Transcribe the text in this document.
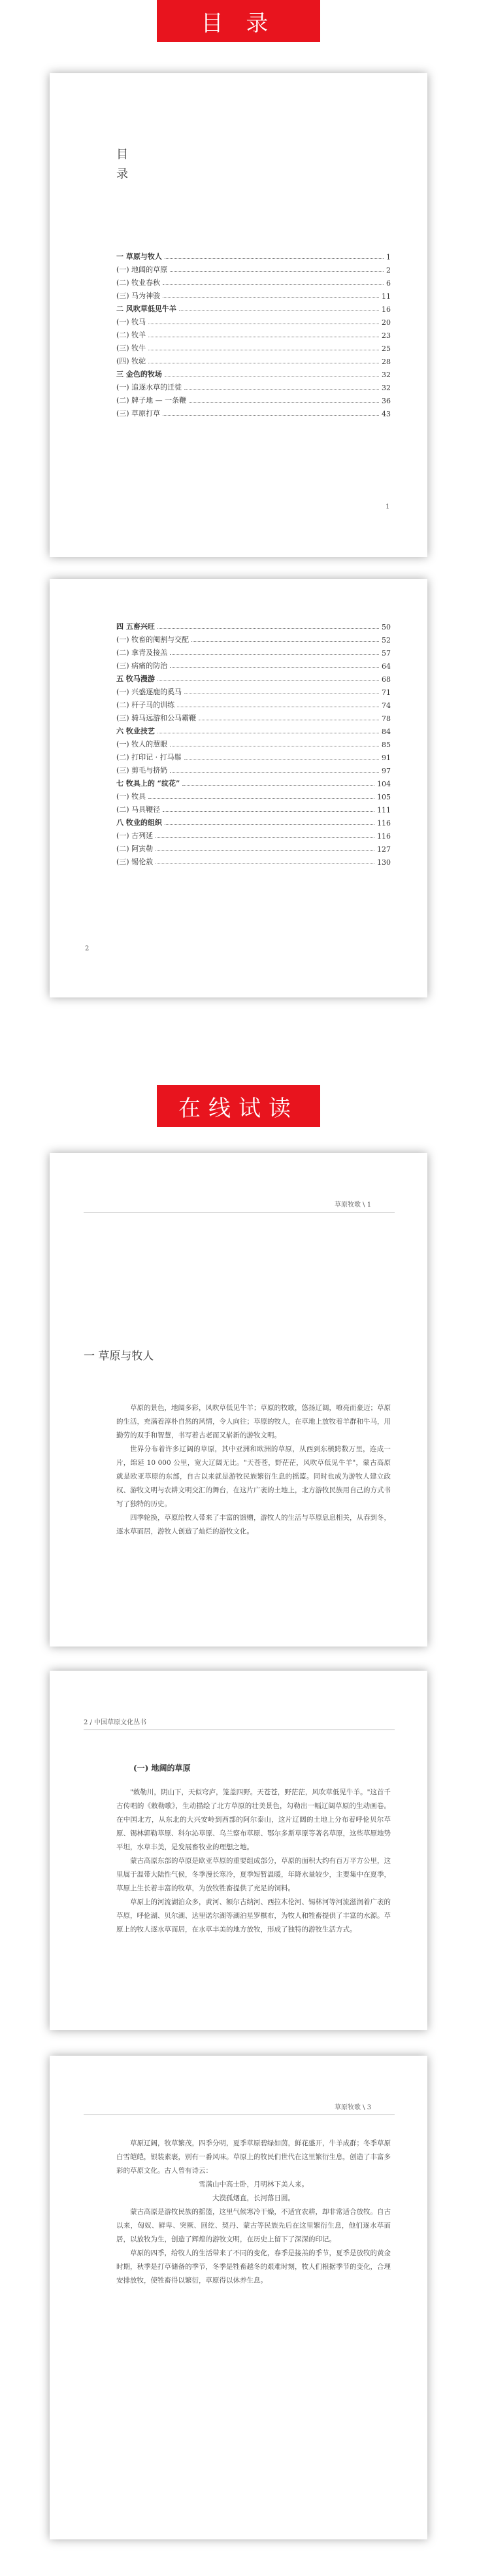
目 录
目
录
一 草原与牧人	1
(一) 地阔的草原	2
(二) 牧业春秋	6
(三) 马为神骏	11
二 风吹草低见牛羊	16
(一) 牧马	20
(二) 牧羊	23
(三) 牧牛	25
(四) 牧驼	28
三 金色的牧场	32
(一) 追逐水草的迁徙	32
(二) 牌子地 — 一条鞭	36
(三) 草原打草	43
1
四 五畜兴旺	50
(一) 牧畜的阉割与交配	52
(二) 拿青及接羔	57
(三) 病痛的防治	64
五 牧马漫游	68
(一) 兴盛逐鹿的奚马	71
(二) 杆子马的训练	74
(三) 骑马远游和公马霸鞭	78
六 牧业技艺	84
(一) 牧人的慧眼	85
(二) 打印记 · 打马鬃	91
(三) 剪毛与挤奶	97
七 牧具上的 “纹花”	104
(一) 牧具	105
(二) 马具鞭径	111
八 牧业的组织	116
(一) 古列延	116
(二) 阿寅勒	127
(三) 锡伦敖	130
2
在线试读
草原牧歌 \ 1
一 草原与牧人

草原的景色，地阔多彩，风吹草低见牛羊；草原的牧歌，悠扬辽阔，嘹亮而豪迈；草原的生活，充满着淳朴自然的风情，令人向往；草原的牧人，在草地上放牧着羊群和牛马，用勤劳的双手和智慧，书写着古老而又崭新的游牧文明。

世界分布着许多辽阔的草原，其中亚洲和欧洲的草原，从西到东横跨数万里，连成一片，绵延 10 000 公里，宽大辽阔无比。"天苍苍，野茫茫，风吹草低见牛羊"，蒙古高原就是欧亚草原的东部，自古以来就是游牧民族繁衍生息的摇篮。同时也成为游牧人建立政权、游牧文明与农耕文明交汇的舞台，在这片广袤的土地上，北方游牧民族用自己的方式书写了独特的历史。

四季轮换，草原给牧人带来了丰富的馈赠，游牧人的生活与草原息息相关，从春到冬，逐水草而居，游牧人创造了灿烂的游牧文化。

2 / 中国草原文化丛书
(一) 地阔的草原

"敕勒川，阴山下，天似穹庐，笼盖四野。天苍苍，野茫茫，风吹草低见牛羊。"这首千古传唱的《敕勒歌》，生动描绘了北方草原的壮美景色，勾勒出一幅辽阔草原的生动画卷。在中国北方，从东北的大兴安岭到西部的阿尔泰山，这片辽阔的土地上分布着呼伦贝尔草原、锡林郭勒草原、科尔沁草原、乌兰察布草原、鄂尔多斯草原等著名草原，这些草原地势平坦，水草丰美，是发展畜牧业的理想之地。

蒙古高原东部的草原是欧亚草原的重要组成部分，草原的面积大约有百万平方公里，这里属于温带大陆性气候，冬季漫长寒冷，夏季短暂温暖，年降水量较少，主要集中在夏季，草原上生长着丰富的牧草，为放牧牲畜提供了充足的饲料。

草原上的河流湖泊众多，黄河、额尔古纳河、西拉木伦河、锡林河等河流滋润着广袤的草原，呼伦湖、贝尔湖、达里诺尔湖等湖泊星罗棋布，为牧人和牲畜提供了丰富的水源。草原上的牧人逐水草而居，在水草丰美的地方放牧，形成了独特的游牧生活方式。

草原牧歌 \ 3

草原辽阔，牧草繁茂，四季分明，夏季草原碧绿如茵，鲜花盛开，牛羊成群；冬季草原白雪皑皑，银装素裹，别有一番风味。草原上的牧民们世代在这里繁衍生息，创造了丰富多彩的草原文化。古人曾有诗云：

雪满山中高士卧，月明林下美人来。

大漠孤烟直，长河落日圆。

蒙古高原是游牧民族的摇篮，这里气候寒冷干燥，不适宜农耕，却非常适合放牧。自古以来，匈奴、鲜卑、突厥、回纥、契丹、蒙古等民族先后在这里繁衍生息，他们逐水草而居，以放牧为生，创造了辉煌的游牧文明，在历史上留下了深深的印记。

草原的四季，给牧人的生活带来了不同的变化，春季是接羔的季节，夏季是放牧的黄金时期，秋季是打草储备的季节，冬季是牲畜越冬的艰难时刻，牧人们根据季节的变化，合理安排放牧，使牲畜得以繁衍，草原得以休养生息。
